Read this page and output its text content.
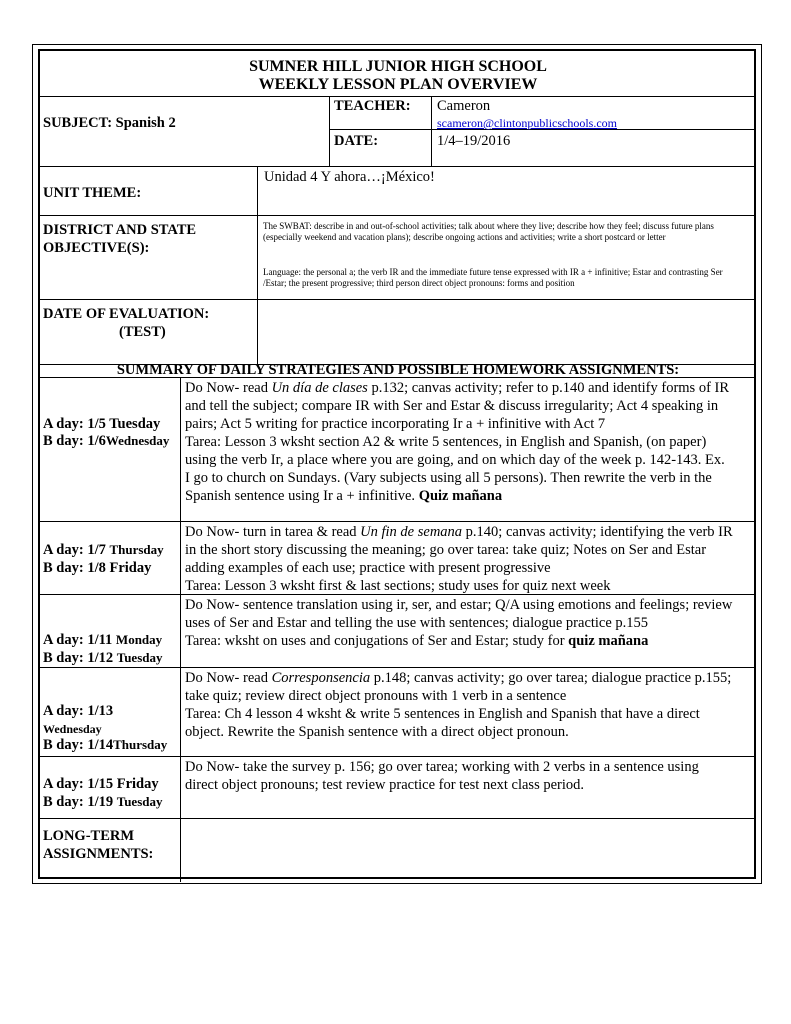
SUMNER HILL JUNIOR HIGH SCHOOL
WEEKLY LESSON PLAN OVERVIEW
SUBJECT: Spanish 2
TEACHER: Cameron
scameron@clintonpublicschools.com
DATE:	1/4–19/2016
UNIT THEME:
Unidad 4 Y ahora…¡México!
DISTRICT AND STATE
OBJECTIVE(S):
The SWBAT: describe in and out-of-school activities; talk about where they live; describe how they feel; discuss future plans (especially weekend and vacation plans); describe ongoing actions and activities; write a short postcard or letter
Language: the personal a; the verb IR and the immediate future tense expressed with IR a + infinitive; Estar and contrasting Ser /Estar; the present progressive; third person direct object pronouns: forms and position
DATE OF EVALUATION:
(TEST)
SUMMARY OF DAILY STRATEGIES AND POSSIBLE HOMEWORK ASSIGNMENTS:
A day: 1/5 Tuesday
B day: 1/6Wednesday
Do Now- read Un día de clases p.132; canvas activity; refer to p.140 and identify forms of IR and tell the subject; compare IR with Ser and Estar & discuss irregularity; Act 4 speaking in pairs; Act 5 writing for practice incorporating Ir a + infinitive with Act 7
Tarea: Lesson 3 wksht section A2 & write 5 sentences, in English and Spanish, (on paper) using the verb Ir, a place where you are going, and on which day of the week p. 142-143. Ex. I go to church on Sundays. (Vary subjects using all 5 persons). Then rewrite the verb in the Spanish sentence using Ir a + infinitive. Quiz mañana
A day: 1/7 Thursday
B day: 1/8 Friday
Do Now- turn in tarea & read Un fin de semana p.140; canvas activity; identifying the verb IR in the short story discussing the meaning; go over tarea: take quiz; Notes on Ser and Estar adding examples of each use; practice with present progressive
Tarea: Lesson 3 wksht first & last sections; study uses for quiz next week
A day: 1/11 Monday
B day: 1/12 Tuesday
Do Now- sentence translation using ir, ser, and estar; Q/A using emotions and feelings; review uses of Ser and Estar and telling the use with sentences; dialogue practice p.155
Tarea: wksht on uses and conjugations of Ser and Estar; study for quiz mañana
A day: 1/13
Wednesday
B day: 1/14Thursday
Do Now- read Corresponsencia p.148; canvas activity; go over tarea; dialogue practice p.155; take quiz; review direct object pronouns with 1 verb in a sentence
Tarea: Ch 4 lesson 4 wksht & write 5 sentences in English and Spanish that have a direct object. Rewrite the Spanish sentence with a direct object pronoun.
A day: 1/15 Friday
B day: 1/19 Tuesday
Do Now- take the survey p. 156; go over tarea; working with 2 verbs in a sentence using direct object pronouns; test review practice for test next class period.
LONG-TERM
ASSIGNMENTS:
